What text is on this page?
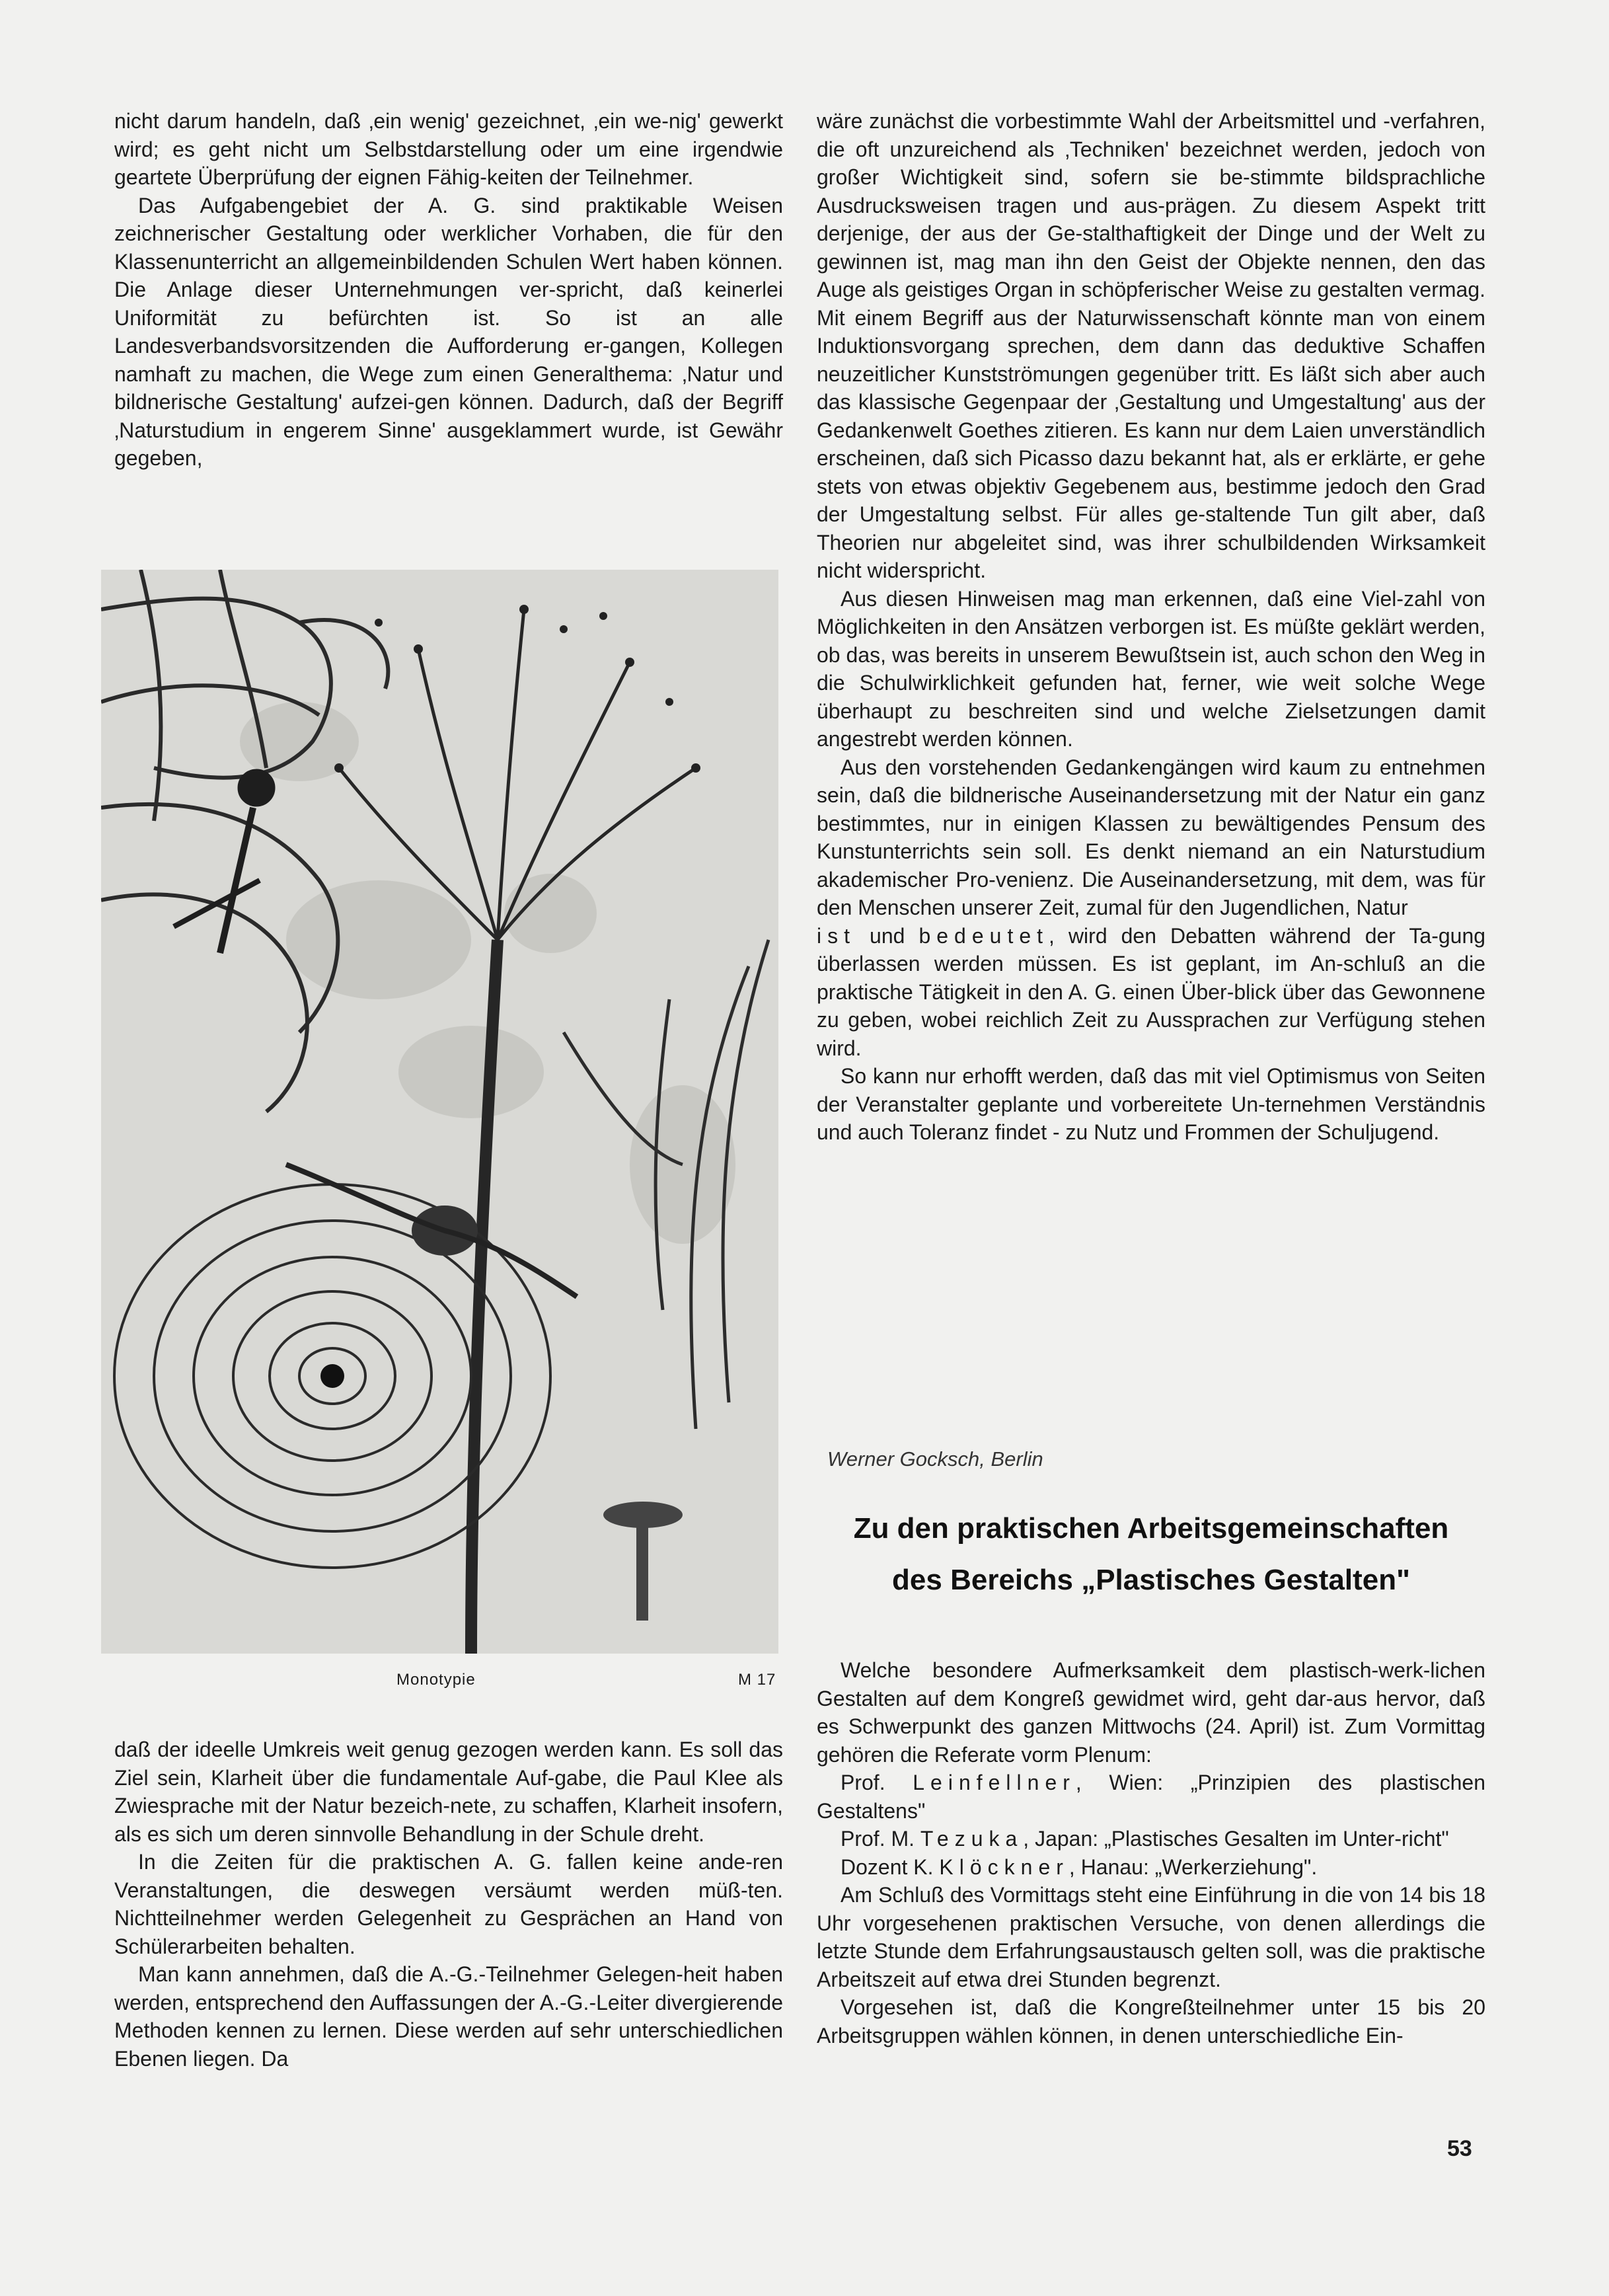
nicht darum handeln, daß ‚ein wenig' gezeichnet, ‚ein we-nig' gewerkt wird; es geht nicht um Selbstdarstellung oder um eine irgendwie geartete Überprüfung der eignen Fähig-keiten der Teilnehmer.

Das Aufgabengebiet der A. G. sind praktikable Weisen zeichnerischer Gestaltung oder werklicher Vorhaben, die für den Klassenunterricht an allgemeinbildenden Schulen Wert haben können. Die Anlage dieser Unternehmungen ver-spricht, daß keinerlei Uniformität zu befürchten ist. So ist an alle Landesverbandsvorsitzenden die Aufforderung er-gangen, Kollegen namhaft zu machen, die Wege zum einen Generalthema: ‚Natur und bildnerische Gestaltung' aufzei-gen können. Dadurch, daß der Begriff ‚Naturstudium in engerem Sinne' ausgeklammert wurde, ist Gewähr gegeben,

Monotypie	M 17

daß der ideelle Umkreis weit genug gezogen werden kann. Es soll das Ziel sein, Klarheit über die fundamentale Auf-gabe, die Paul Klee als Zwiesprache mit der Natur bezeich-nete, zu schaffen, Klarheit insofern, als es sich um deren sinnvolle Behandlung in der Schule dreht.

In die Zeiten für die praktischen A. G. fallen keine ande-ren Veranstaltungen, die deswegen versäumt werden müß-ten. Nichtteilnehmer werden Gelegenheit zu Gesprächen an Hand von Schülerarbeiten behalten.

Man kann annehmen, daß die A.-G.-Teilnehmer Gelegen-heit haben werden, entsprechend den Auffassungen der A.-G.-Leiter divergierende Methoden kennen zu lernen. Diese werden auf sehr unterschiedlichen Ebenen liegen. Da

wäre zunächst die vorbestimmte Wahl der Arbeitsmittel und -verfahren, die oft unzureichend als ‚Techniken' bezeichnet werden, jedoch von großer Wichtigkeit sind, sofern sie be-stimmte bildsprachliche Ausdrucksweisen tragen und aus-prägen. Zu diesem Aspekt tritt derjenige, der aus der Ge-stalthaftigkeit der Dinge und der Welt zu gewinnen ist, mag man ihn den Geist der Objekte nennen, den das Auge als geistiges Organ in schöpferischer Weise zu gestalten vermag. Mit einem Begriff aus der Naturwissenschaft könnte man von einem Induktionsvorgang sprechen, dem dann das deduktive Schaffen neuzeitlicher Kunstströmungen gegenüber tritt. Es läßt sich aber auch das klassische Gegenpaar der ‚Gestaltung und Umgestaltung' aus der Gedankenwelt Goethes zitieren. Es kann nur dem Laien unverständlich erscheinen, daß sich Picasso dazu bekannt hat, als er erklärte, er gehe stets von etwas objektiv Gegebenem aus, bestimme jedoch den Grad der Umgestaltung selbst. Für alles ge-staltende Tun gilt aber, daß Theorien nur abgeleitet sind, was ihrer schulbildenden Wirksamkeit nicht widerspricht.

Aus diesen Hinweisen mag man erkennen, daß eine Viel-zahl von Möglichkeiten in den Ansätzen verborgen ist. Es müßte geklärt werden, ob das, was bereits in unserem Bewußtsein ist, auch schon den Weg in die Schulwirklichkeit gefunden hat, ferner, wie weit solche Wege überhaupt zu beschreiten sind und welche Zielsetzungen damit angestrebt werden können.

Aus den vorstehenden Gedankengängen wird kaum zu entnehmen sein, daß die bildnerische Auseinandersetzung mit der Natur ein ganz bestimmtes, nur in einigen Klassen zu bewältigendes Pensum des Kunstunterrichts sein soll. Es denkt niemand an ein Naturstudium akademischer Pro-venienz. Die Auseinandersetzung, mit dem, was für den Menschen unserer Zeit, zumal für den Jugendlichen, Natur

ist und bedeutet, wird den Debatten während der Ta-gung überlassen werden müssen. Es ist geplant, im An-schluß an die praktische Tätigkeit in den A. G. einen Über-blick über das Gewonnene zu geben, wobei reichlich Zeit zu Aussprachen zur Verfügung stehen wird.

So kann nur erhofft werden, daß das mit viel Optimismus von Seiten der Veranstalter geplante und vorbereitete Un-ternehmen Verständnis und auch Toleranz findet - zu Nutz und Frommen der Schuljugend.

Werner Gocksch, Berlin
Zu den praktischen Arbeitsgemeinschaften
des Bereichs „Plastisches Gestalten"

Welche besondere Aufmerksamkeit dem plastisch-werk-lichen Gestalten auf dem Kongreß gewidmet wird, geht dar-aus hervor, daß es Schwerpunkt des ganzen Mittwochs (24. April) ist. Zum Vormittag gehören die Referate vorm Plenum:

Prof. Leinfellner, Wien: „Prinzipien des plastischen Gestaltens"

Prof. M. Tezuka, Japan: „Plastisches Gesalten im Unter-richt"

Dozent K. Klöckner, Hanau: „Werkerziehung".

Am Schluß des Vormittags steht eine Einführung in die von 14 bis 18 Uhr vorgesehenen praktischen Versuche, von denen allerdings die letzte Stunde dem Erfahrungsaustausch gelten soll, was die praktische Arbeitszeit auf etwa drei Stunden begrenzt.

Vorgesehen ist, daß die Kongreßteilnehmer unter 15 bis 20 Arbeitsgruppen wählen können, in denen unterschiedliche Ein-

53
